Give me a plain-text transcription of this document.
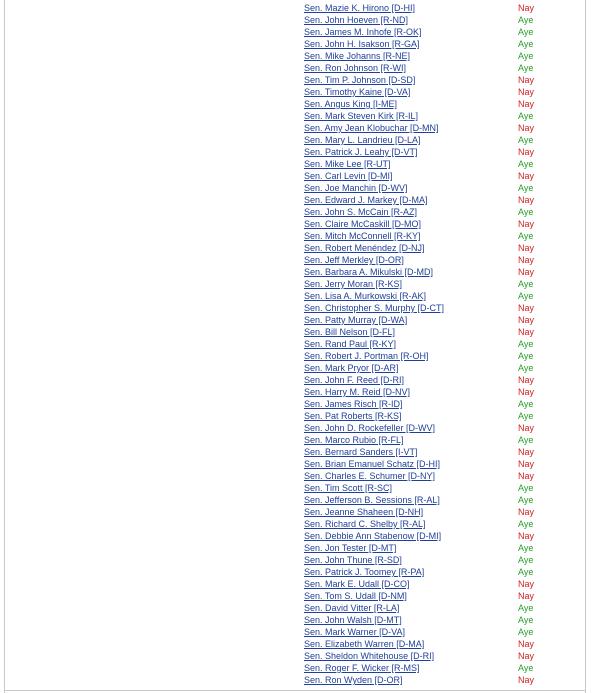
Sen. Mazie K. Hirono [D-HI]	Nay
Sen. John Hoeven [R-ND]	Aye
Sen. James M. Inhofe [R-OK]	Aye
Sen. John H. Isakson [R-GA]	Aye
Sen. Mike Johanns [R-NE]	Aye
Sen. Ron Johnson [R-WI]	Aye
Sen. Tim P. Johnson [D-SD]	Nay
Sen. Timothy Kaine [D-VA]	Nay
Sen. Angus King [I-ME]	Nay
Sen. Mark Steven Kirk [R-IL]	Aye
Sen. Amy Jean Klobuchar [D-MN]	Nay
Sen. Mary L. Landrieu [D-LA]	Aye
Sen. Patrick J. Leahy [D-VT]	Nay
Sen. Mike Lee [R-UT]	Aye
Sen. Carl Levin [D-MI]	Nay
Sen. Joe Manchin [D-WV]	Aye
Sen. Edward J. Markey [D-MA]	Nay
Sen. John S. McCain [R-AZ]	Aye
Sen. Claire McCaskill [D-MO]	Nay
Sen. Mitch McConnell [R-KY]	Aye
Sen. Robert Menéndez [D-NJ]	Nay
Sen. Jeff Merkley [D-OR]	Nay
Sen. Barbara A. Mikulski [D-MD]	Nay
Sen. Jerry Moran [R-KS]	Aye
Sen. Lisa A. Murkowski [R-AK]	Aye
Sen. Christopher S. Murphy [D-CT]	Nay
Sen. Patty Murray [D-WA]	Nay
Sen. Bill Nelson [D-FL]	Nay
Sen. Rand Paul [R-KY]	Aye
Sen. Robert J. Portman [R-OH]	Aye
Sen. Mark Pryor [D-AR]	Aye
Sen. John F. Reed [D-RI]	Nay
Sen. Harry M. Reid [D-NV]	Nay
Sen. James Risch [R-ID]	Aye
Sen. Pat Roberts [R-KS]	Aye
Sen. John D. Rockefeller [D-WV]	Nay
Sen. Marco Rubio [R-FL]	Aye
Sen. Bernard Sanders [I-VT]	Nay
Sen. Brian Emanuel Schatz [D-HI]	Nay
Sen. Charles E. Schumer [D-NY]	Nay
Sen. Tim Scott [R-SC]	Aye
Sen. Jefferson B. Sessions [R-AL]	Aye
Sen. Jeanne Shaheen [D-NH]	Nay
Sen. Richard C. Shelby [R-AL]	Aye
Sen. Debbie Ann Stabenow [D-MI]	Nay
Sen. Jon Tester [D-MT]	Aye
Sen. John Thune [R-SD]	Aye
Sen. Patrick J. Toomey [R-PA]	Aye
Sen. Mark E. Udall [D-CO]	Nay
Sen. Tom S. Udall [D-NM]	Nay
Sen. David Vitter [R-LA]	Aye
Sen. John Walsh [D-MT]	Aye
Sen. Mark Warner [D-VA]	Aye
Sen. Elizabeth Warren [D-MA]	Nay
Sen. Sheldon Whitehouse [D-RI]	Nay
Sen. Roger F. Wicker [R-MS]	Aye
Sen. Ron Wyden [D-OR]	Nay
